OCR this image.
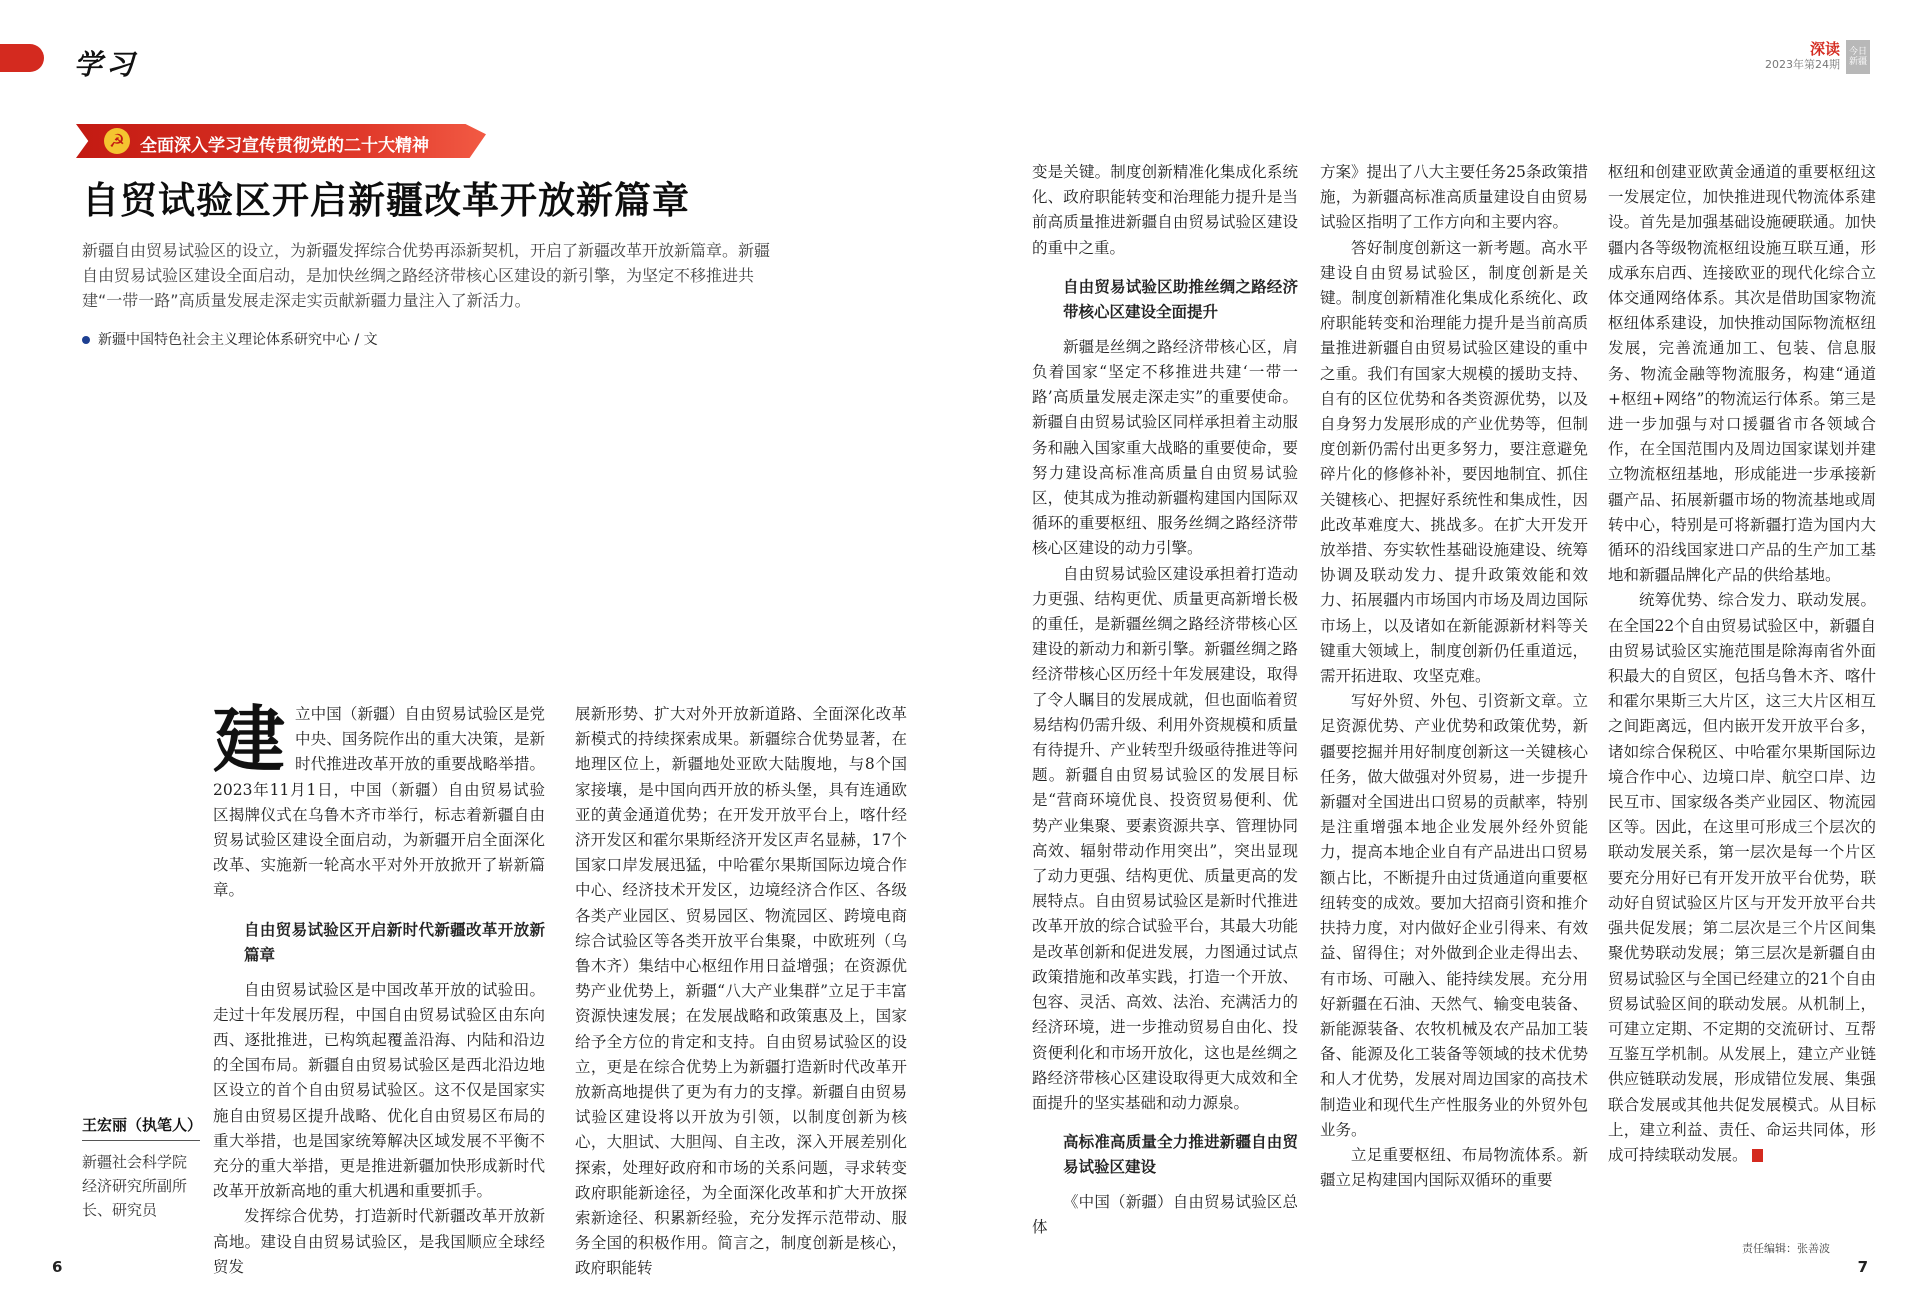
学习	深读
2023年第24期
今日新疆
☭ 全面深入学习宣传贯彻党的二十大精神
自贸试验区开启新疆改革开放新篇章
新疆自由贸易试验区的设立，为新疆发挥综合优势再添新契机，开启了新疆改革开放新篇章。新疆自由贸易试验区建设全面启动，是加快丝绸之路经济带核心区建设的新引擎，为坚定不移推进共建“一带一路”高质量发展走深走实贡献新疆力量注入了新活力。
新疆中国特色社会主义理论体系研究中心 / 文

建立中国（新疆）自由贸易试验区是党中央、国务院作出的重大决策，是新时代推进改革开放的重要战略举措。2023年11月1日，中国（新疆）自由贸易试验区揭牌仪式在乌鲁木齐市举行，标志着新疆自由贸易试验区建设全面启动，为新疆开启全面深化改革、实施新一轮高水平对外开放掀开了崭新篇章。

自由贸易试验区开启新时代新疆改革开放新篇章

自由贸易试验区是中国改革开放的试验田。走过十年发展历程，中国自由贸易试验区由东向西、逐批推进，已构筑起覆盖沿海、内陆和沿边的全国布局。新疆自由贸易试验区是西北沿边地区设立的首个自由贸易试验区。这不仅是国家实施自由贸易区提升战略、优化自由贸易区布局的重大举措，也是国家统筹解决区域发展不平衡不充分的重大举措，更是推进新疆加快形成新时代改革开放新高地的重大机遇和重要抓手。

发挥综合优势，打造新时代新疆改革开放新高地。建设自由贸易试验区，是我国顺应全球经贸发

展新形势、扩大对外开放新道路、全面深化改革新模式的持续探索成果。新疆综合优势显著，在地理区位上，新疆地处亚欧大陆腹地，与8个国家接壤，是中国向西开放的桥头堡，具有连通欧亚的黄金通道优势；在开发开放平台上，喀什经济开发区和霍尔果斯经济开发区声名显赫，17个国家口岸发展迅猛，中哈霍尔果斯国际边境合作中心、经济技术开发区，边境经济合作区、各级各类产业园区、贸易园区、物流园区、跨境电商综合试验区等各类开放平台集聚，中欧班列（乌鲁木齐）集结中心枢纽作用日益增强；在资源优势产业优势上，新疆“八大产业集群”立足于丰富资源快速发展；在发展战略和政策惠及上，国家给予全方位的肯定和支持。自由贸易试验区的设立，更是在综合优势上为新疆打造新时代改革开放新高地提供了更为有力的支撑。新疆自由贸易试验区建设将以开放为引领，以制度创新为核心，大胆试、大胆闯、自主改，深入开展差别化探索，处理好政府和市场的关系问题，寻求转变政府职能新途径，为全面深化改革和扩大开放探索新途径、积累新经验，充分发挥示范带动、服务全国的积极作用。简言之，制度创新是核心，政府职能转

变是关键。制度创新精准化集成化系统化、政府职能转变和治理能力提升是当前高质量推进新疆自由贸易试验区建设的重中之重。

自由贸易试验区助推丝绸之路经济带核心区建设全面提升

新疆是丝绸之路经济带核心区，肩负着国家“坚定不移推进共建‘一带一路’高质量发展走深走实”的重要使命。新疆自由贸易试验区同样承担着主动服务和融入国家重大战略的重要使命，要努力建设高标准高质量自由贸易试验区，使其成为推动新疆构建国内国际双循环的重要枢纽、服务丝绸之路经济带核心区建设的动力引擎。

自由贸易试验区建设承担着打造动力更强、结构更优、质量更高新增长极的重任，是新疆丝绸之路经济带核心区建设的新动力和新引擎。新疆丝绸之路经济带核心区历经十年发展建设，取得了令人瞩目的发展成就，但也面临着贸易结构仍需升级、利用外资规模和质量有待提升、产业转型升级亟待推进等问题。新疆自由贸易试验区的发展目标是“营商环境优良、投资贸易便利、优势产业集聚、要素资源共享、管理协同高效、辐射带动作用突出”，突出显现了动力更强、结构更优、质量更高的发展特点。自由贸易试验区是新时代推进改革开放的综合试验平台，其最大功能是改革创新和促进发展，力图通过试点政策措施和改革实践，打造一个开放、包容、灵活、高效、法治、充满活力的经济环境，进一步推动贸易自由化、投资便利化和市场开放化，这也是丝绸之路经济带核心区建设取得更大成效和全面提升的坚实基础和动力源泉。

高标准高质量全力推进新疆自由贸易试验区建设

《中国（新疆）自由贸易试验区总体

方案》提出了八大主要任务25条政策措施，为新疆高标准高质量建设自由贸易试验区指明了工作方向和主要内容。

答好制度创新这一新考题。高水平建设自由贸易试验区，制度创新是关键。制度创新精准化集成化系统化、政府职能转变和治理能力提升是当前高质量推进新疆自由贸易试验区建设的重中之重。我们有国家大规模的援助支持、自有的区位优势和各类资源优势，以及自身努力发展形成的产业优势等，但制度创新仍需付出更多努力，要注意避免碎片化的修修补补，要因地制宜、抓住关键核心、把握好系统性和集成性，因此改革难度大、挑战多。在扩大开发开放举措、夯实软性基础设施建设、统筹协调及联动发力、提升政策效能和效力、拓展疆内市场国内市场及周边国际市场上，以及诸如在新能源新材料等关键重大领域上，制度创新仍任重道远，需开拓进取、攻坚克难。

写好外贸、外包、引资新文章。立足资源优势、产业优势和政策优势，新疆要挖掘并用好制度创新这一关键核心任务，做大做强对外贸易，进一步提升新疆对全国进出口贸易的贡献率，特别是注重增强本地企业发展外经外贸能力，提高本地企业自有产品进出口贸易额占比，不断提升由过货通道向重要枢纽转变的成效。要加大招商引资和推介扶持力度，对内做好企业引得来、有效益、留得住；对外做到企业走得出去、有市场、可融入、能持续发展。充分用好新疆在石油、天然气、输变电装备、新能源装备、农牧机械及农产品加工装备、能源及化工装备等领域的技术优势和人才优势，发展对周边国家的高技术制造业和现代生产性服务业的外贸外包业务。

立足重要枢纽、布局物流体系。新疆立足构建国内国际双循环的重要

枢纽和创建亚欧黄金通道的重要枢纽这一发展定位，加快推进现代物流体系建设。首先是加强基础设施硬联通。加快疆内各等级物流枢纽设施互联互通，形成承东启西、连接欧亚的现代化综合立体交通网络体系。其次是借助国家物流枢纽体系建设，加快推动国际物流枢纽发展，完善流通加工、包装、信息服务、物流金融等物流服务，构建“通道+枢纽+网络”的物流运行体系。第三是进一步加强与对口援疆省市各领域合作，在全国范围内及周边国家谋划并建立物流枢纽基地，形成能进一步承接新疆产品、拓展新疆市场的物流基地或周转中心，特别是可将新疆打造为国内大循环的沿线国家进口产品的生产加工基地和新疆品牌化产品的供给基地。

统筹优势、综合发力、联动发展。在全国22个自由贸易试验区中，新疆自由贸易试验区实施范围是除海南省外面积最大的自贸区，包括乌鲁木齐、喀什和霍尔果斯三大片区，这三大片区相互之间距离远，但内嵌开发开放平台多，诸如综合保税区、中哈霍尔果斯国际边境合作中心、边境口岸、航空口岸、边民互市、国家级各类产业园区、物流园区等。因此，在这里可形成三个层次的联动发展关系，第一层次是每一个片区要充分用好已有开发开放平台优势，联动好自贸试验区片区与开发开放平台共强共促发展；第二层次是三个片区间集聚优势联动发展；第三层次是新疆自由贸易试验区与全国已经建立的21个自由贸易试验区间的联动发展。从机制上，可建立定期、不定期的交流研讨、互帮互鉴互学机制。从发展上，建立产业链供应链联动发展，形成错位发展、集强联合发展或其他共促发展模式。从目标上，建立利益、责任、命运共同体，形成可持续联动发展。

王宏丽（执笔人）
新疆社会科学院经济研究所副所长、研究员
6
责任编辑：张善波
7
